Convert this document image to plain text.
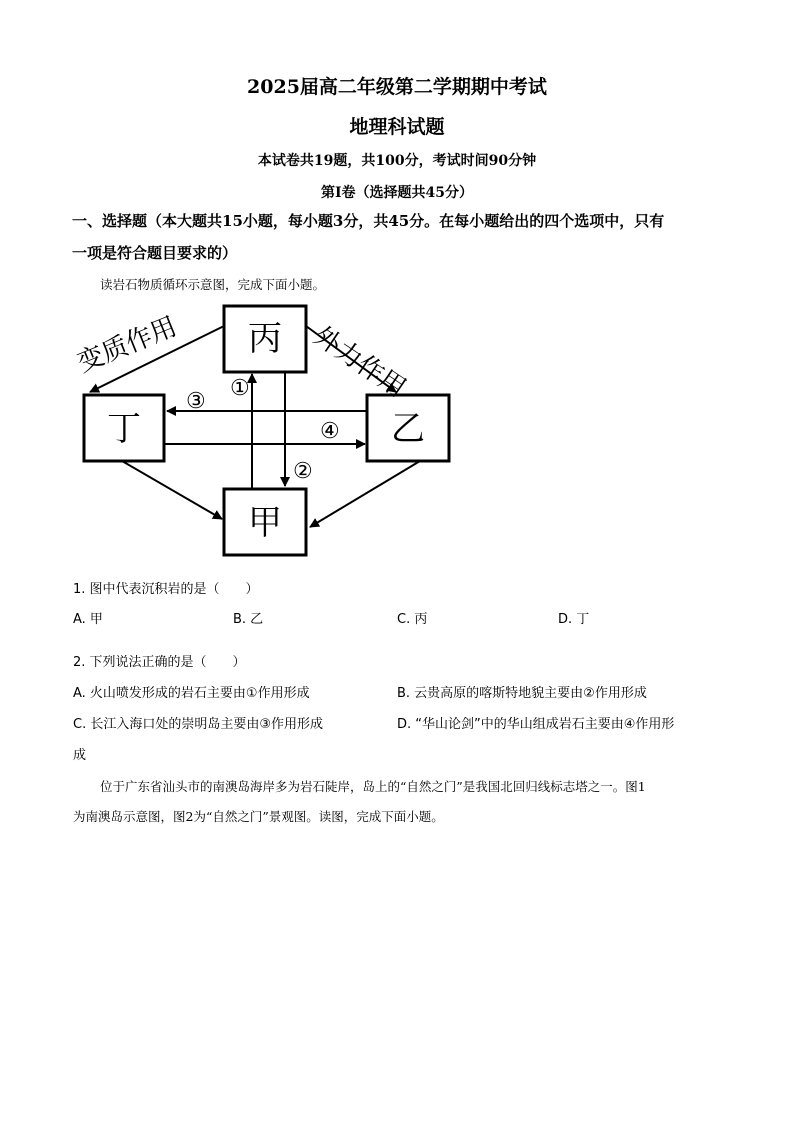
2025届高二年级第二学期期中考试
地理科试题
本试卷共19题，共100分，考试时间90分钟
第Ⅰ卷（选择题共45分）
一、选择题（本大题共15小题，每小题3分，共45分。在每小题给出的四个选项中，只有
一项是符合题目要求的）
读岩石物质循环示意图，完成下面小题。
丙
丁	乙
甲
①
②
③
④
变质作用	外力作用
1. 图中代表沉积岩的是（　　）
A. 甲	B. 乙	C. 丙	D. 丁
2. 下列说法正确的是（　　）
A. 火山喷发形成的岩石主要由①作用形成	B. 云贵高原的喀斯特地貌主要由②作用形成
C. 长江入海口处的崇明岛主要由③作用形成	D. “华山论剑”中的华山组成岩石主要由④作用形
成
位于广东省汕头市的南澳岛海岸多为岩石陡岸，岛上的“自然之门”是我国北回归线标志塔之一。图1
为南澳岛示意图，图2为“自然之门”景观图。读图，完成下面小题。
